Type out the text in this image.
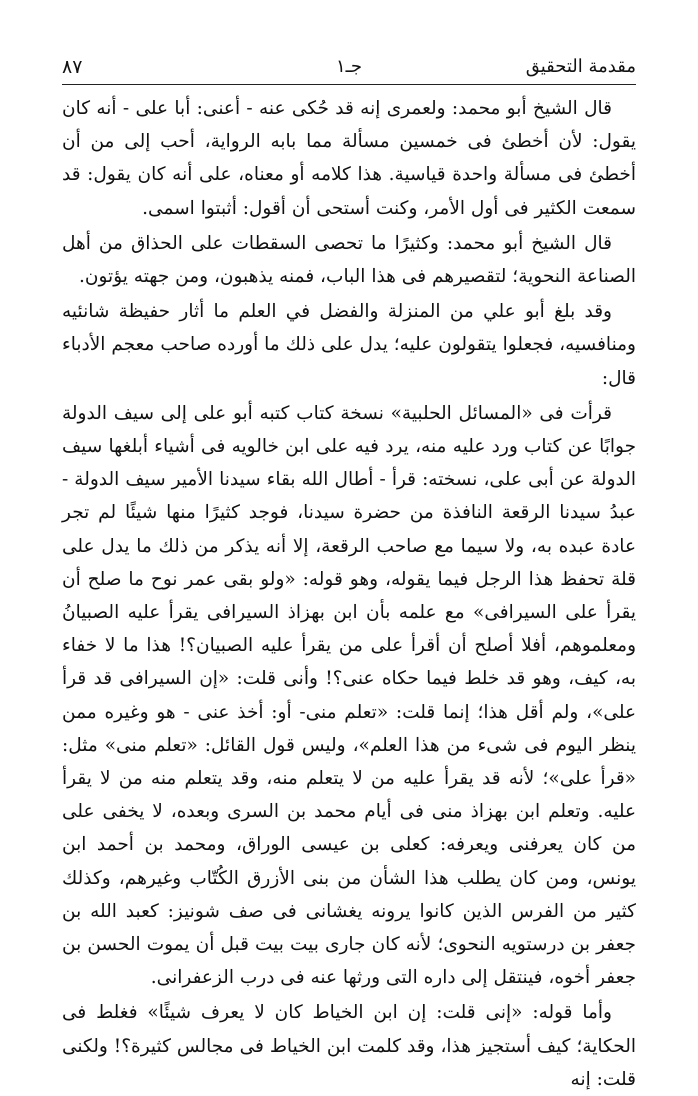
مقدمة التحقيق
جـ١
٨٧

قال الشيخ أبو محمد: ولعمرى إنه قد حُكى عنه - أعنى: أبا على - أنه كان يقول: لأن أخطئ فى خمسين مسألة مما بابه الرواية، أحب إلى من أن أخطئ فى مسألة واحدة قياسية. هذا كلامه أو معناه، على أنه كان يقول: قد سمعت الكثير فى أول الأمر، وكنت أستحى أن أقول: أثبتوا اسمى.

قال الشيخ أبو محمد: وكثيرًا ما تحصى السقطات على الحذاق من أهل الصناعة النحوية؛ لتقصيرهم فى هذا الباب، فمنه يذهبون، ومن جهته يؤتون.

وقد بلغ أبو علي من المنزلة والفضل في العلم ما أثار حفيظة شانئيه ومنافسيه، فجعلوا يتقولون عليه؛ يدل على ذلك ما أورده صاحب معجم الأدباء قال:

قرأت فى «المسائل الحلبية» نسخة كتاب كتبه أبو على إلى سيف الدولة جوابًا عن كتاب ورد عليه منه، يرد فيه على ابن خالويه فى أشياء أبلغها سيف الدولة عن أبى على، نسخته: قرأ - أطال الله بقاء سيدنا الأمير سيف الدولة - عبدُ سيدنا الرقعة النافذة من حضرة سيدنا، فوجد كثيرًا منها شيئًا لم تجر عادة عبده به، ولا سيما مع صاحب الرقعة، إلا أنه يذكر من ذلك ما يدل على قلة تحفظ هذا الرجل فيما يقوله، وهو قوله: «ولو بقى عمر نوح ما صلح أن يقرأ على السيرافى» مع علمه بأن ابن بهزاذ السيرافى يقرأ عليه الصبيانُ ومعلموهم، أفلا أصلح أن أقرأ على من يقرأ عليه الصبيان؟! هذا ما لا خفاء به، كيف، وهو قد خلط فيما حكاه عنى؟! وأنى قلت: «إن السيرافى قد قرأ على»، ولم أقل هذا؛ إنما قلت: «تعلم منى- أو: أخذ عنى - هو وغيره ممن ينظر اليوم فى شىء من هذا العلم»، وليس قول القائل: «تعلم منى» مثل: «قرأ على»؛ لأنه قد يقرأ عليه من لا يتعلم منه، وقد يتعلم منه من لا يقرأ عليه. وتعلم ابن بهزاذ منى فى أيام محمد بن السرى وبعده، لا يخفى على من كان يعرفنى ويعرفه: كعلى بن عيسى الوراق، ومحمد بن أحمد ابن يونس، ومن كان يطلب هذا الشأن من بنى الأزرق الكُتّاب وغيرهم، وكذلك كثير من الفرس الذين كانوا يرونه يغشانى فى صف شونيز: كعبد الله بن جعفر بن درستويه النحوى؛ لأنه كان جارى بيت بيت قبل أن يموت الحسن بن جعفر أخوه، فينتقل إلى داره التى ورثها عنه فى درب الزعفرانى.

وأما قوله: «إنى قلت: إن ابن الخياط كان لا يعرف شيئًا» فغلط فى الحكاية؛ كيف أستجيز هذا، وقد كلمت ابن الخياط فى مجالس كثيرة؟! ولكنى قلت: إنه
